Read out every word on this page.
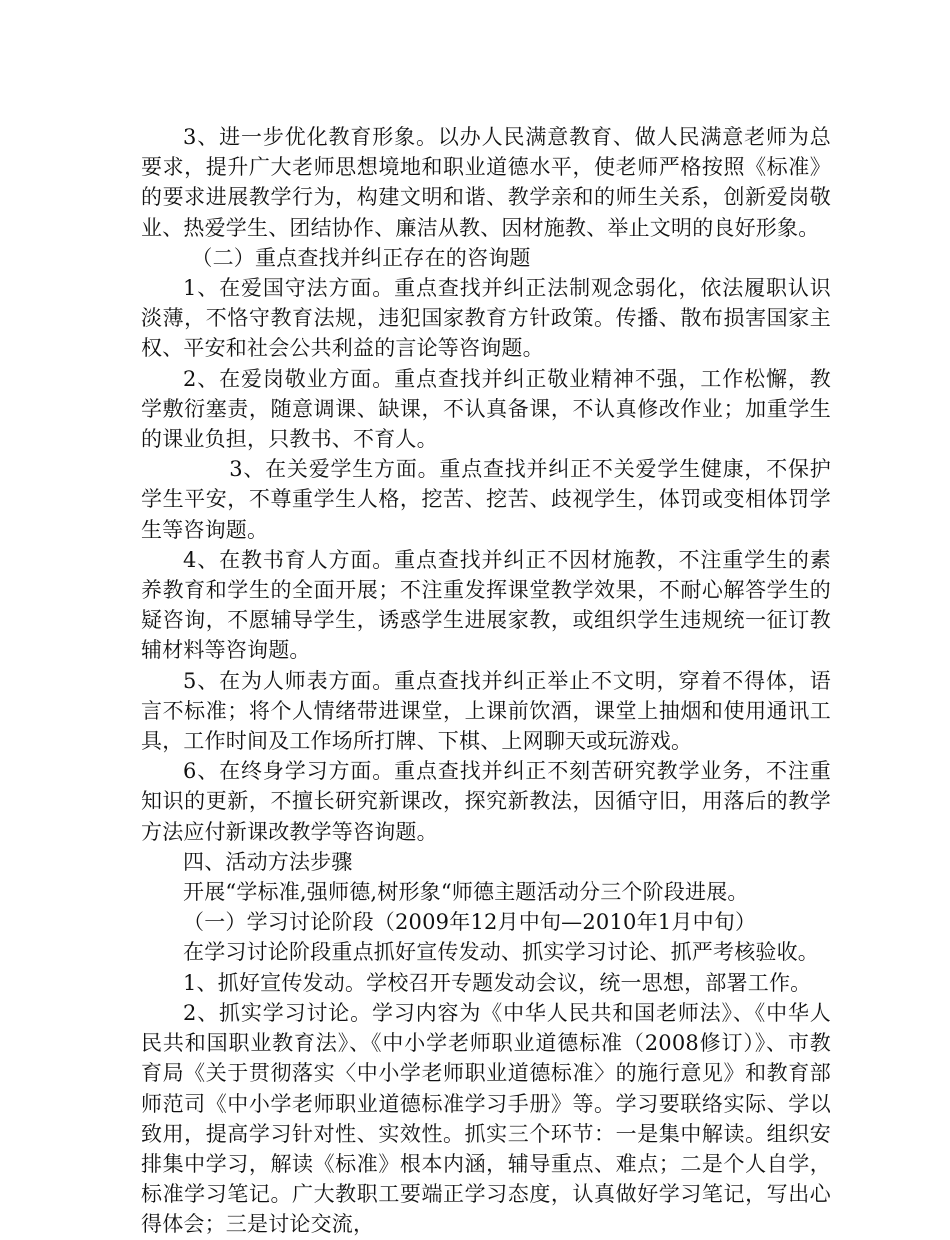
3、进一步优化教育形象。以办人民满意教育、做人民满意老师为总要求，提升广大老师思想境地和职业道德水平，使老师严格按照《标准》的要求进展教学行为，构建文明和谐、教学亲和的师生关系，创新爱岗敬业、热爱学生、团结协作、廉洁从教、因材施教、举止文明的良好形象。

（二）重点查找并纠正存在的咨询题

1、在爱国守法方面。重点查找并纠正法制观念弱化，依法履职认识淡薄，不恪守教育法规，违犯国家教育方针政策。传播、散布损害国家主权、平安和社会公共利益的言论等咨询题。

2、在爱岗敬业方面。重点查找并纠正敬业精神不强，工作松懈，教学敷衍塞责，随意调课、缺课，不认真备课，不认真修改作业；加重学生的课业负担，只教书、不育人。

3、在关爱学生方面。重点查找并纠正不关爱学生健康，不保护学生平安，不尊重学生人格，挖苦、挖苦、歧视学生，体罚或变相体罚学生等咨询题。

4、在教书育人方面。重点查找并纠正不因材施教，不注重学生的素养教育和学生的全面开展；不注重发挥课堂教学效果，不耐心解答学生的疑咨询，不愿辅导学生，诱惑学生进展家教，或组织学生违规统一征订教辅材料等咨询题。

5、在为人师表方面。重点查找并纠正举止不文明，穿着不得体，语言不标准；将个人情绪带进课堂，上课前饮酒，课堂上抽烟和使用通讯工具，工作时间及工作场所打牌、下棋、上网聊天或玩游戏。

6、在终身学习方面。重点查找并纠正不刻苦研究教学业务，不注重知识的更新，不擅长研究新课改，探究新教法，因循守旧，用落后的教学方法应付新课改教学等咨询题。

四、活动方法步骤

开展“学标准,强师德,树形象“师德主题活动分三个阶段进展。

（一）学习讨论阶段（2009年12月中旬—2010年1月中旬）

在学习讨论阶段重点抓好宣传发动、抓实学习讨论、抓严考核验收。

1、抓好宣传发动。学校召开专题发动会议，统一思想，部署工作。

2、抓实学习讨论。学习内容为《中华人民共和国老师法》、《中华人民共和国职业教育法》、《中小学老师职业道德标准（2008修订）》、市教育局《关于贯彻落实〈中小学老师职业道德标准〉的施行意见》和教育部师范司《中小学老师职业道德标准学习手册》等。学习要联络实际、学以致用，提高学习针对性、实效性。抓实三个环节：一是集中解读。组织安排集中学习，解读《标准》根本内涵，辅导重点、难点；二是个人自学，标准学习笔记。广大教职工要端正学习态度，认真做好学习笔记，写出心得体会；三是讨论交流，
